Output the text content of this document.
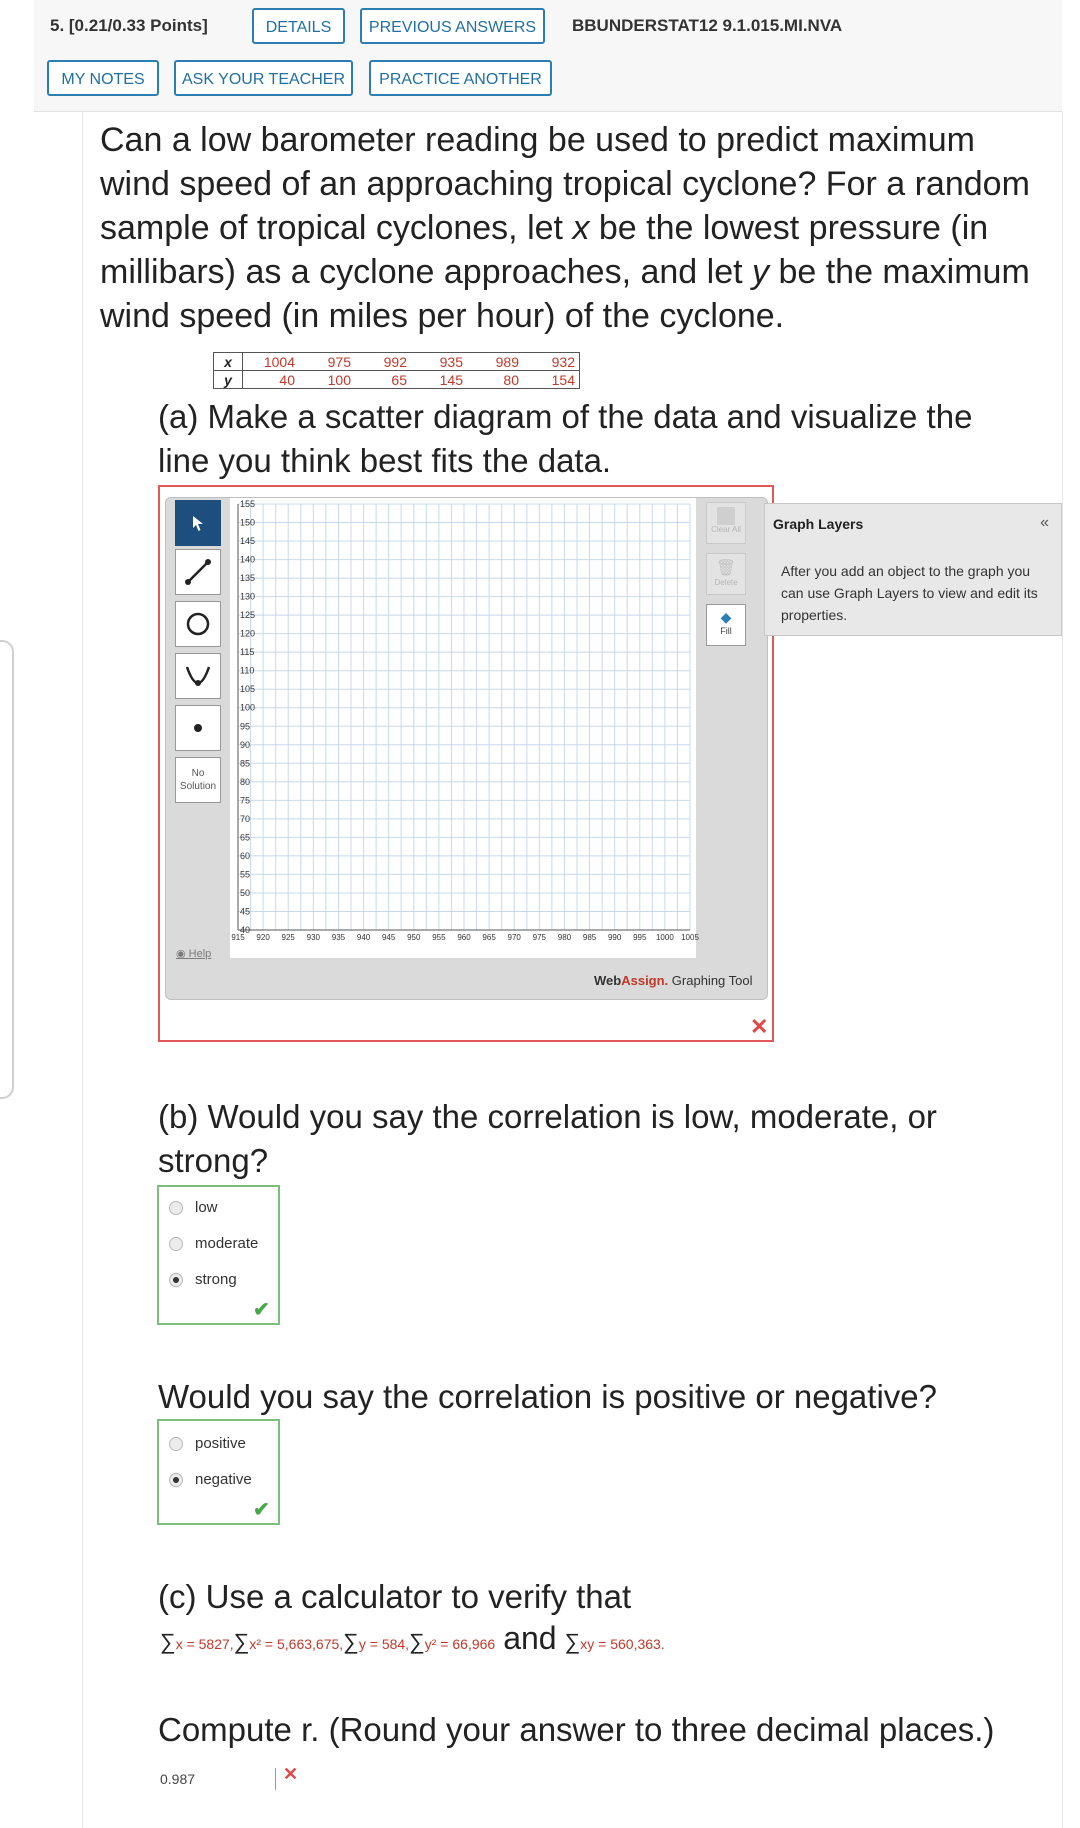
5. [0.21/0.33 Points]	DETAILS	PREVIOUS ANSWERS	BBUNDERSTAT12 9.1.015.MI.NVA
MY NOTES	ASK YOUR TEACHER	PRACTICE ANOTHER
Can a low barometer reading be used to predict maximum wind speed of an approaching tropical cyclone? For a random sample of tropical cyclones, let x be the lowest pressure (in millibars) as a cyclone approaches, and let y be the maximum wind speed (in miles per hour) of the cyclone.
x	1004	975	992	935	989	932
y	40	100	65	145	80	154
(a) Make a scatter diagram of the data and visualize the line you think best fits the data.
No
Solution
◉ Help
155
150
145
140
135
130
125
120
115
110
105
100
95
90
85
80
75
70
65
60
55
50
45
40
915 920 925 930 935 940 945 950 955 960 965 970 975 980 985 990 995 1000 1005
Clear All
🗑
Delete
◆
Fill
WebAssign. Graphing Tool
Graph Layers	«
After you add an object to the graph you can use Graph Layers to view and edit its properties.
✕
(b) Would you say the correlation is low, moderate, or strong?
low
moderate
strong
✔
Would you say the correlation is positive or negative?
positive
negative
✔
(c) Use a calculator to verify that
∑ x = 5827, ∑ x² = 5,663,675, ∑ y = 584, ∑ y² = 66,966 and ∑ xy = 560,363.
Compute r. (Round your answer to three decimal places.)
0.987	✕
